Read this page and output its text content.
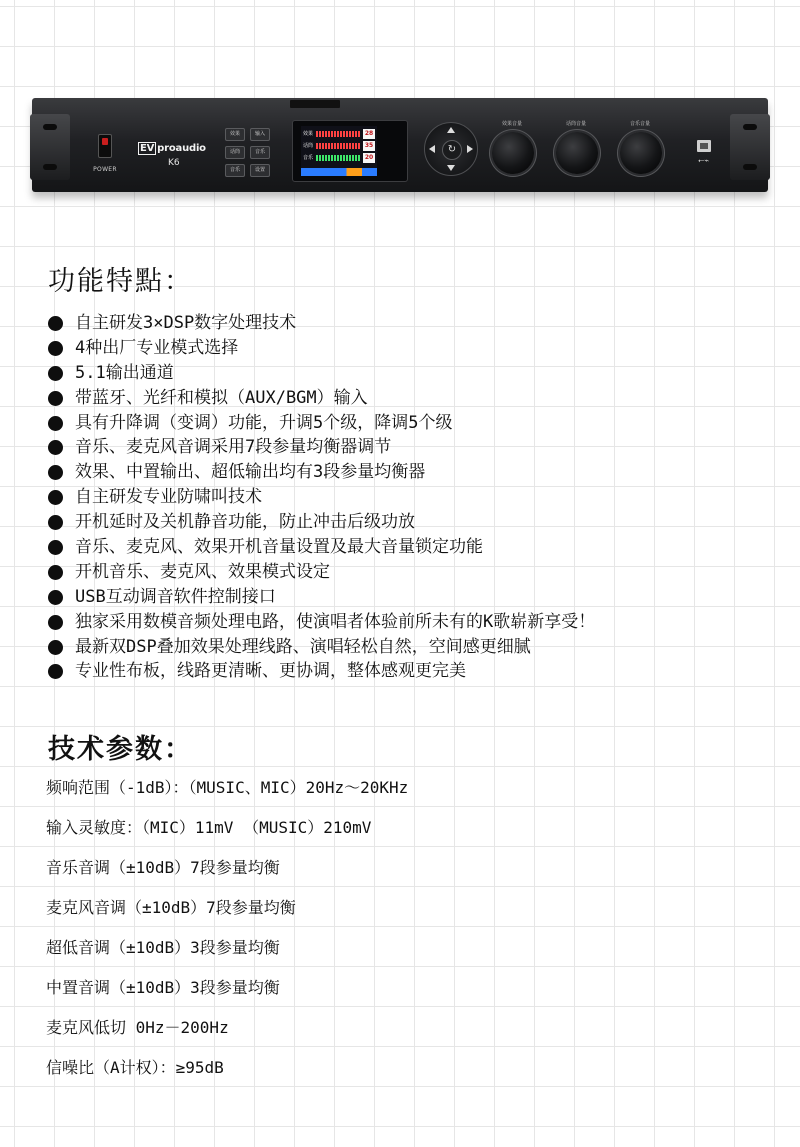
POWER
EV proaudio
K6
效果	输入
话筒	音乐
音乐	设置
效果	28
话筒	35
音乐	20
↻
效果音量	话筒音量	音乐音量
⭠⌁
功能特點：
自主研发3×DSP数字处理技术
4种出厂专业模式选择
5.1输出通道
带蓝牙、光纤和模拟（AUX/BGM）输入
具有升降调（变调）功能，升调5个级，降调5个级
音乐、麦克风音调采用7段参量均衡器调节
效果、中置输出、超低输出均有3段参量均衡器
自主研发专业防啸叫技术
开机延时及关机静音功能，防止冲击后级功放
音乐、麦克风、效果开机音量设置及最大音量锁定功能
开机音乐、麦克风、效果模式设定
USB互动调音软件控制接口
独家采用数模音频处理电路，使演唱者体验前所未有的K歌崭新享受！
最新双DSP叠加效果处理线路、演唱轻松自然，空间感更细腻
专业性布板，线路更清晰、更协调，整体感观更完美
技术参数：
频响范围（-1dB）：（MUSIC、MIC）20Hz～20KHz
输入灵敏度：（MIC）11mV （MUSIC）210mV
音乐音调（±10dB）7段参量均衡
麦克风音调（±10dB）7段参量均衡
超低音调（±10dB）3段参量均衡
中置音调（±10dB）3段参量均衡
麦克风低切 0Hz－200Hz
信噪比（A计权）：≥95dB
